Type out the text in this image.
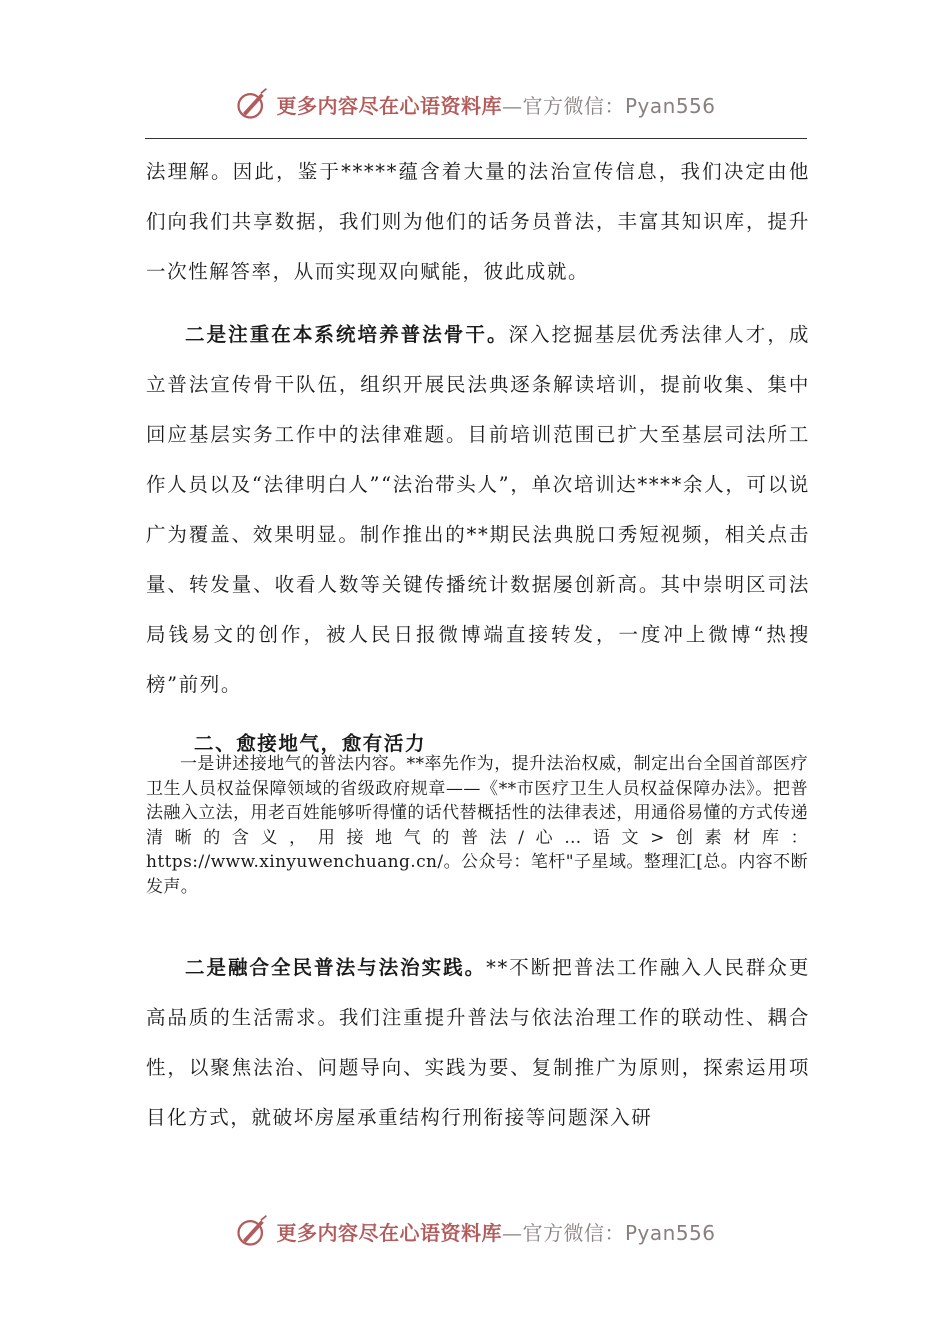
更多内容尽在心语资料库—官方微信：Pyan556

法理解。因此，鉴于*****蕴含着大量的法治宣传信息，我们决定由他们向我们共享数据，我们则为他们的话务员普法，丰富其知识库，提升一次性解答率，从而实现双向赋能，彼此成就。

二是注重在本系统培养普法骨干。深入挖掘基层优秀法律人才，成立普法宣传骨干队伍，组织开展民法典逐条解读培训，提前收集、集中回应基层实务工作中的法律难题。目前培训范围已扩大至基层司法所工作人员以及“法律明白人”“法治带头人”，单次培训达****余人，可以说广为覆盖、效果明显。制作推出的**期民法典脱口秀短视频，相关点击量、转发量、收看人数等关键传播统计数据屡创新高。其中崇明区司法局钱易文的创作，被人民日报微博端直接转发，一度冲上微博“热搜榜”前列。

二、愈接地气，愈有活力

一是讲述接地气的普法内容。**率先作为，提升法治权威，制定出台全国首部医疗卫生人员权益保障领域的省级政府规章——《**市医疗卫生人员权益保障办法》。把普法融入立法，用老百姓能够听得懂的话代替概括性的法律表述，用通俗易懂的方式传递清晰的含义，用接地气的普法/心…语文>创素材库：https://www.xinyuwenchuang.cn/。公众号：笔杆"子星域。整理汇[总。内容不断发声。

二是融合全民普法与法治实践。**不断把普法工作融入人民群众更高品质的生活需求。我们注重提升普法与依法治理工作的联动性、耦合性，以聚焦法治、问题导向、实践为要、复制推广为原则，探索运用项目化方式，就破坏房屋承重结构行刑衔接等问题深入研

更多内容尽在心语资料库—官方微信：Pyan556
